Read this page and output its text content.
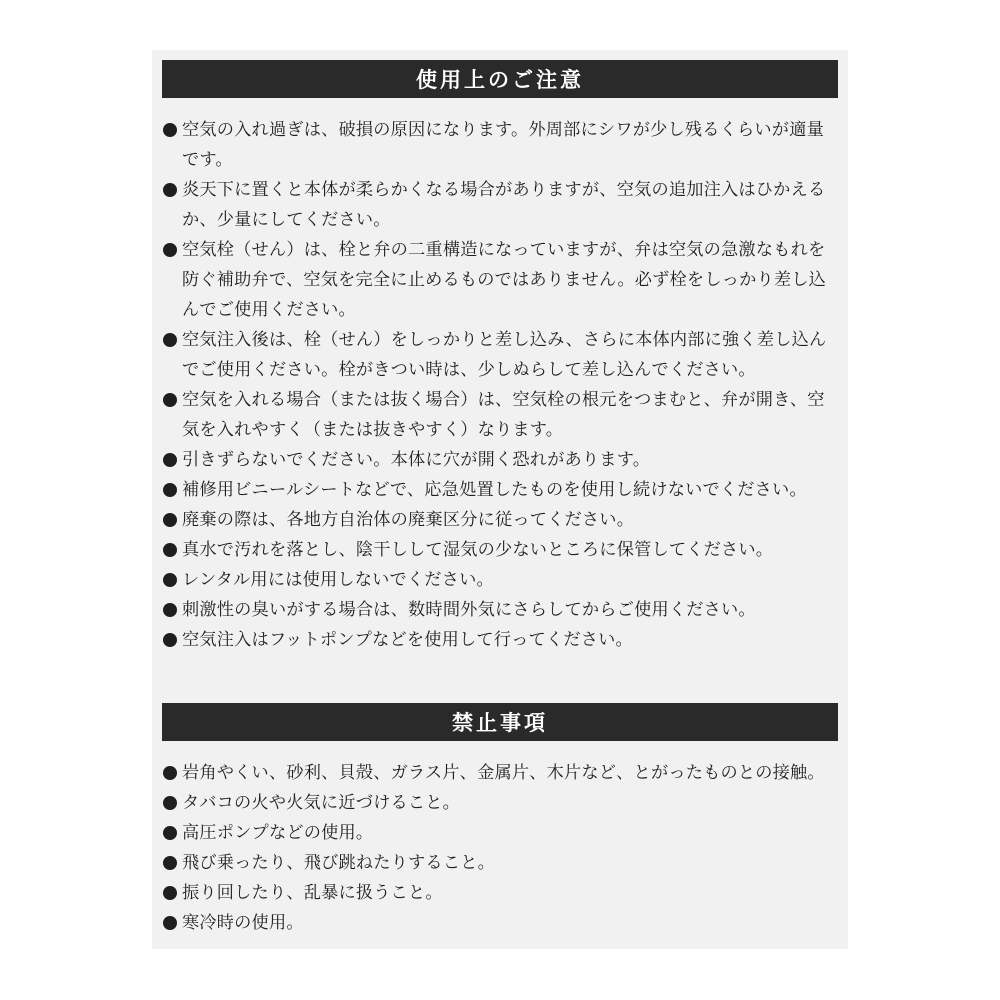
使用上のご注意
空気の入れ過ぎは、破損の原因になります。外周部にシワが少し残るくらいが適量です。
炎天下に置くと本体が柔らかくなる場合がありますが、空気の追加注入はひかえるか、少量にしてください。
空気栓（せん）は、栓と弁の二重構造になっていますが、弁は空気の急激なもれを防ぐ補助弁で、空気を完全に止めるものではありません。必ず栓をしっかり差し込んでご使用ください。
空気注入後は、栓（せん）をしっかりと差し込み、さらに本体内部に強く差し込んでご使用ください。栓がきつい時は、少しぬらして差し込んでください。
空気を入れる場合（または抜く場合）は、空気栓の根元をつまむと、弁が開き、空気を入れやすく（または抜きやすく）なります。
引きずらないでください。本体に穴が開く恐れがあります。
補修用ビニールシートなどで、応急処置したものを使用し続けないでください。
廃棄の際は、各地方自治体の廃棄区分に従ってください。
真水で汚れを落とし、陰干しして湿気の少ないところに保管してください。
レンタル用には使用しないでください。
刺激性の臭いがする場合は、数時間外気にさらしてからご使用ください。
空気注入はフットポンプなどを使用して行ってください。
禁止事項
岩角やくい、砂利、貝殻、ガラス片、金属片、木片など、とがったものとの接触。
タバコの火や火気に近づけること。
高圧ポンプなどの使用。
飛び乗ったり、飛び跳ねたりすること。
振り回したり、乱暴に扱うこと。
寒冷時の使用。
